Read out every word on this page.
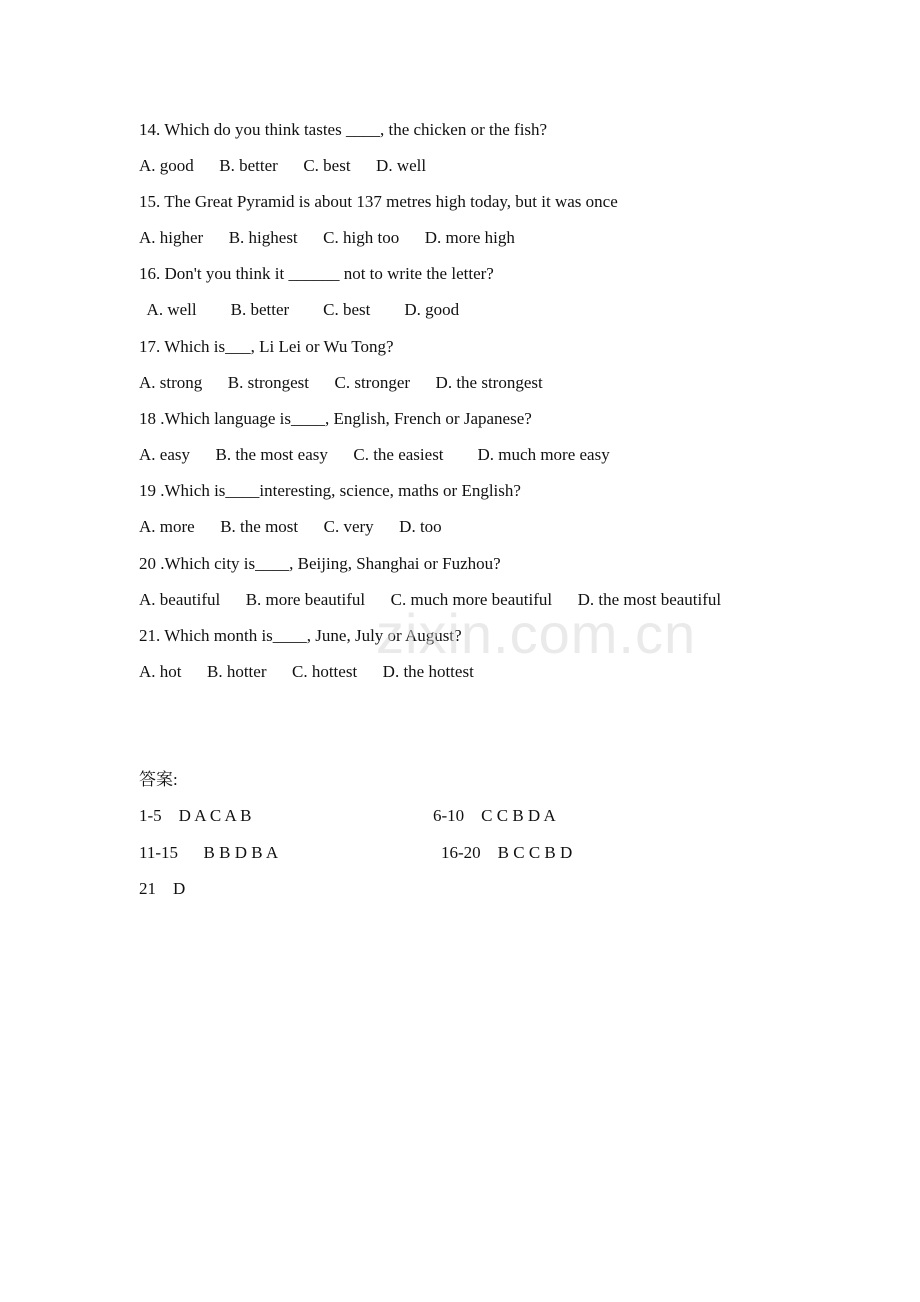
14. Which do you think tastes ____, the chicken or the fish?
A. good      B. better      C. best      D. well
15. The Great Pyramid is about 137 metres high today, but it was once
A. higher      B. highest      C. high too      D. more high
16. Don't you think it ______ not to write the letter?
A. well        B. better        C. best        D. good
17. Which is___, Li Lei or Wu Tong?
A. strong      B. strongest      C. stronger      D. the strongest
18 .Which language is____, English, French or Japanese?
A. easy      B. the most easy      C. the easiest        D. much more easy
19 .Which is____interesting, science, maths or English?
A. more      B. the most      C. very      D. too
20 .Which city is____, Beijing, Shanghai or Fuzhou?
A. beautiful      B. more beautiful      C. much more beautiful      D. the most beautiful
21. Which month is____, June, July or August?
A. hot      B. hotter      C. hottest      D. the hottest
答案:
1-5    D A C A B	6-10    C C B D A
11-15      B B D B A	16-20    B C C B D
21    D
zixin.com.cn
